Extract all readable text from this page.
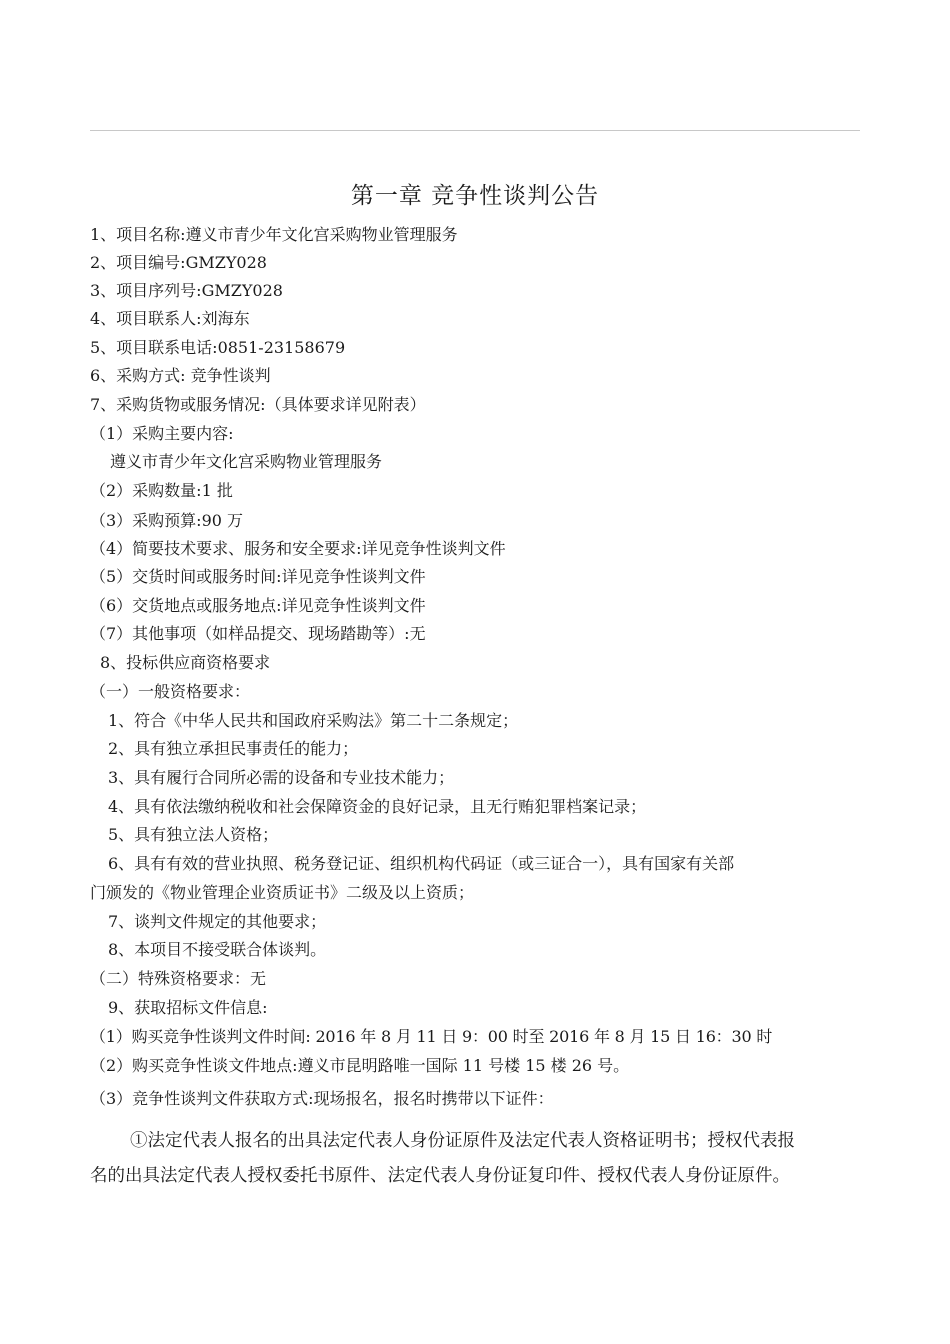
第一章 竞争性谈判公告
1、项目名称:遵义市青少年文化宫采购物业管理服务
2、项目编号:GMZY028
3、项目序列号:GMZY028
4、项目联系人:刘海东
5、项目联系电话:0851-23158679
6、采购方式: 竞争性谈判
7、采购货物或服务情况:（具体要求详见附表）
（1）采购主要内容:
遵义市青少年文化宫采购物业管理服务
（2）采购数量:1 批
（3）采购预算:90 万
（4）简要技术要求、服务和安全要求:详见竞争性谈判文件
（5）交货时间或服务时间:详见竞争性谈判文件
（6）交货地点或服务地点:详见竞争性谈判文件
（7）其他事项（如样品提交、现场踏勘等）:无
8、投标供应商资格要求
（一）一般资格要求：
1、符合《中华人民共和国政府采购法》第二十二条规定；
2、具有独立承担民事责任的能力；
3、具有履行合同所必需的设备和专业技术能力；
4、具有依法缴纳税收和社会保障资金的良好记录，且无行贿犯罪档案记录；
5、具有独立法人资格；
6、具有有效的营业执照、税务登记证、组织机构代码证（或三证合一），具有国家有关部
门颁发的《物业管理企业资质证书》二级及以上资质；
7、谈判文件规定的其他要求；
8、本项目不接受联合体谈判。
（二）特殊资格要求：无
9、获取招标文件信息:
（1）购买竞争性谈判文件时间: 2016 年 8 月 11 日 9：00 时至 2016 年 8 月 15 日 16：30 时
（2）购买竞争性谈文件地点:遵义市昆明路唯一国际 11 号楼 15 楼 26 号。
（3）竞争性谈判文件获取方式:现场报名，报名时携带以下证件：
①法定代表人报名的出具法定代表人身份证原件及法定代表人资格证明书；授权代表报
名的出具法定代表人授权委托书原件、法定代表人身份证复印件、授权代表人身份证原件。
